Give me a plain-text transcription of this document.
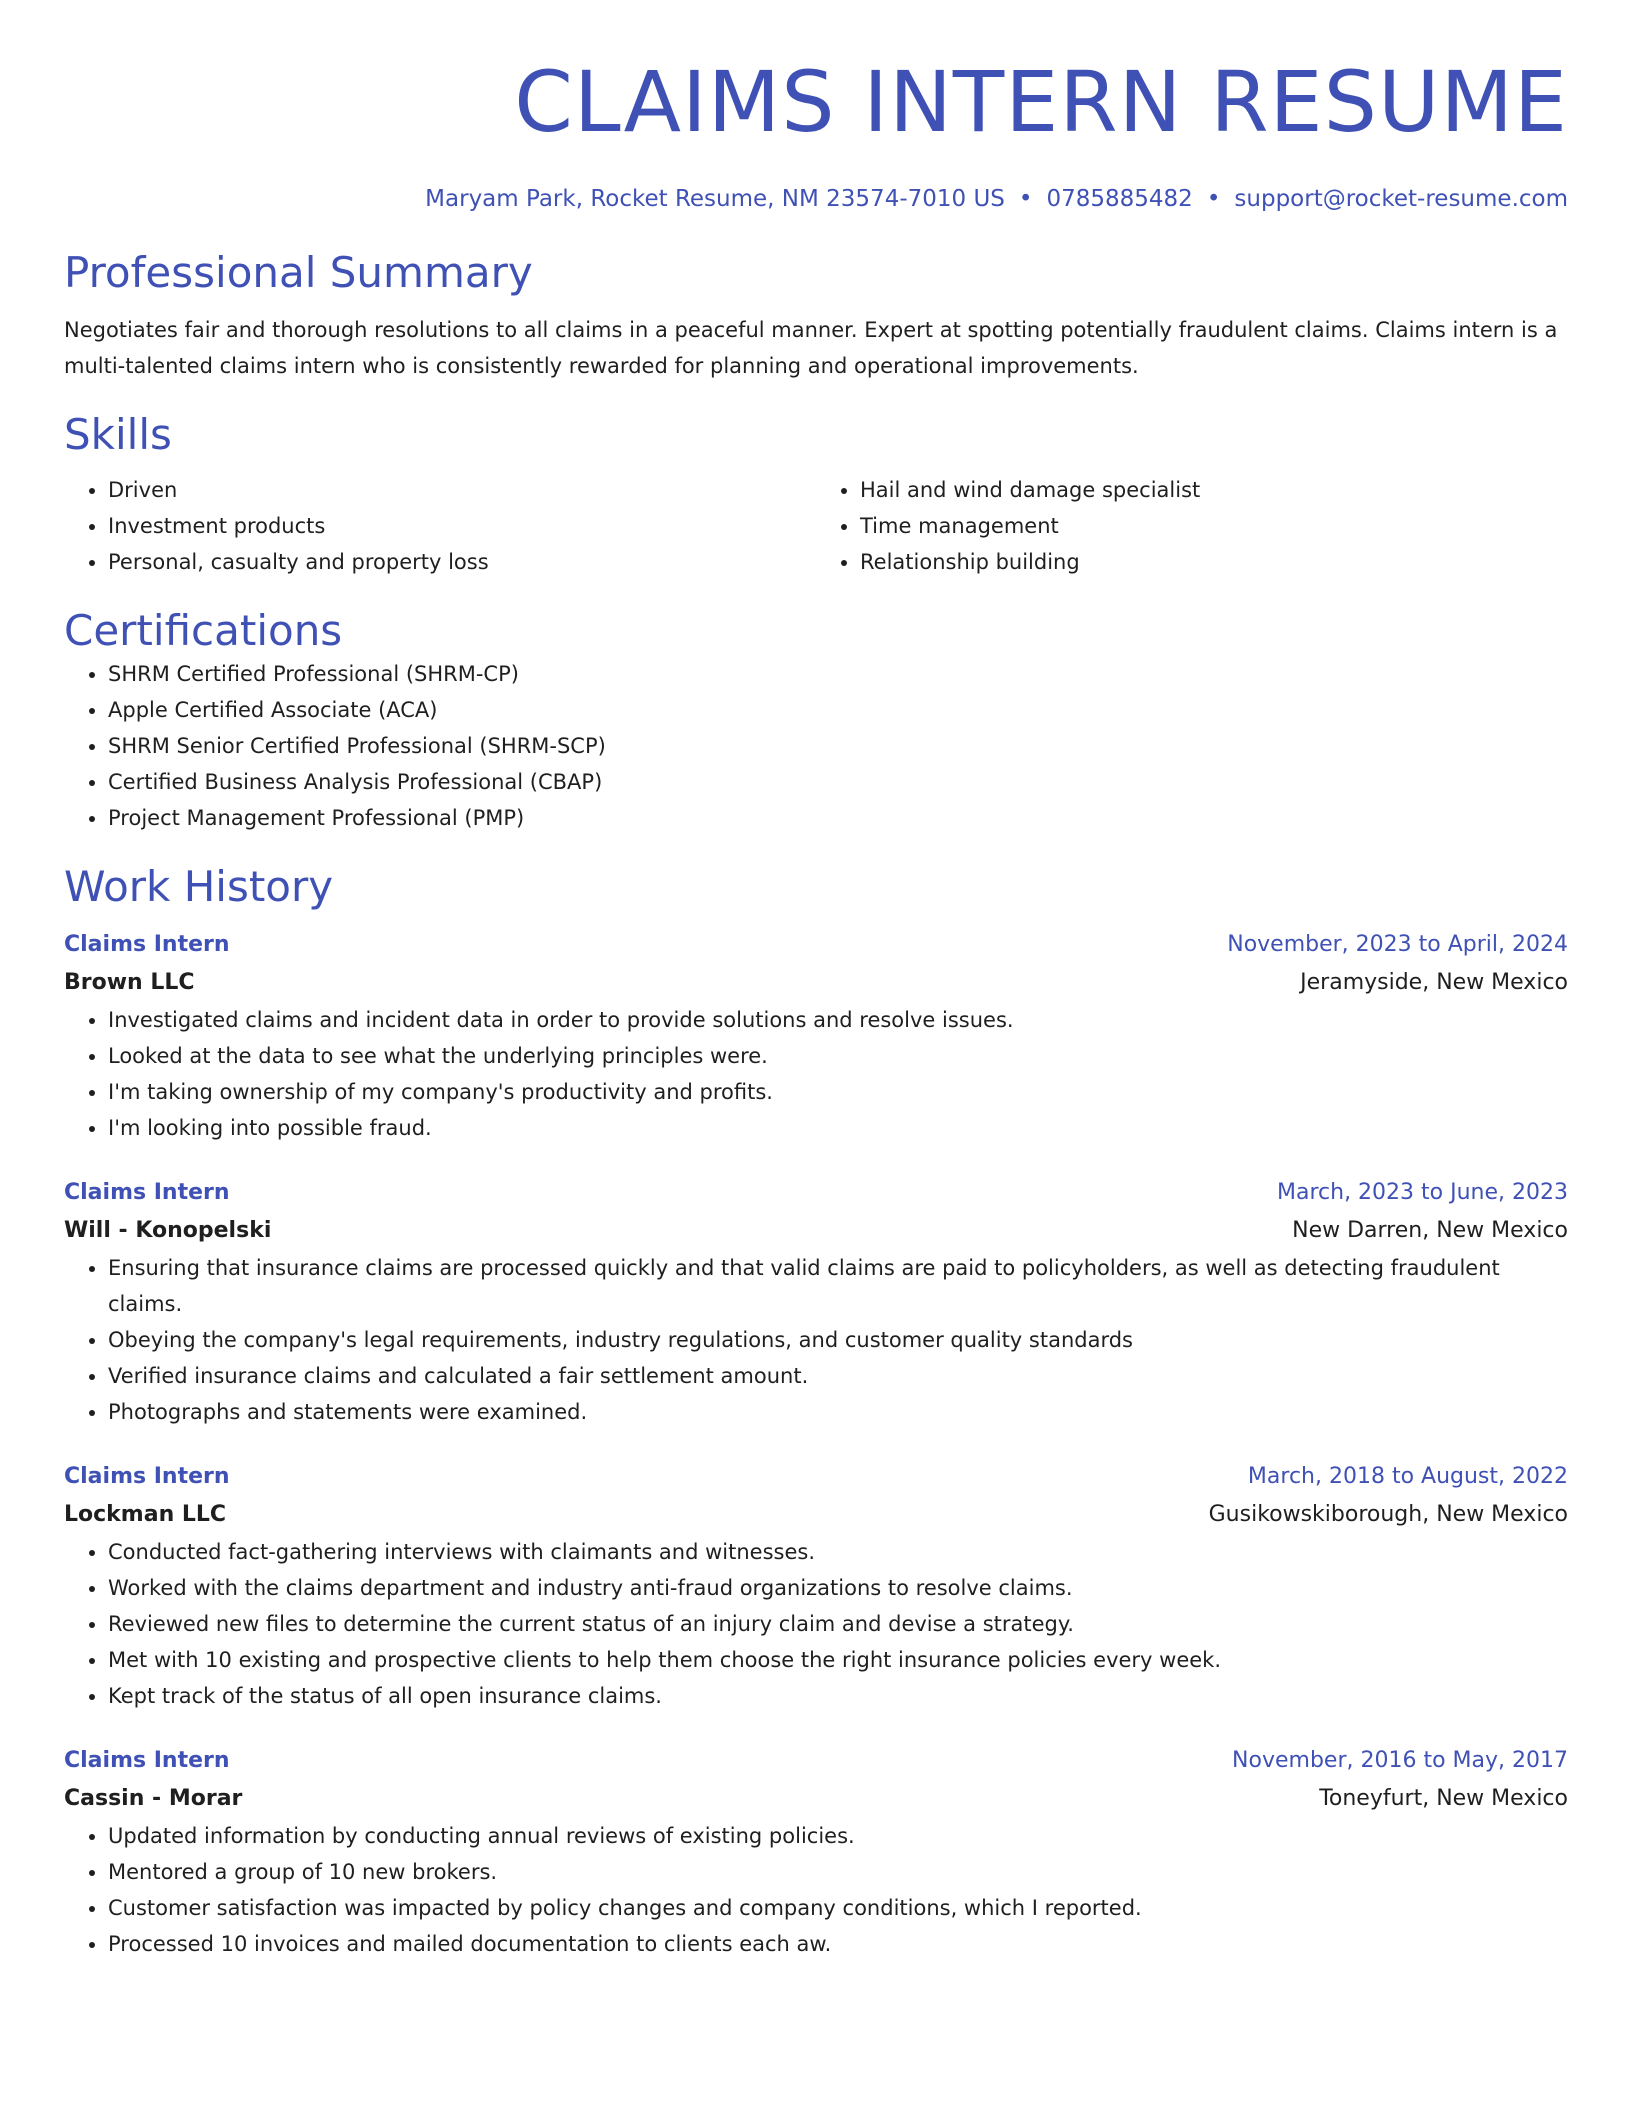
CLAIMS INTERN RESUME
Maryam Park, Rocket Resume, NM 23574-7010 US • 0785885482 • support@rocket-resume.com
Professional Summary
Negotiates fair and thorough resolutions to all claims in a peaceful manner. Expert at spotting potentially fraudulent claims. Claims intern is a multi-talented claims intern who is consistently rewarded for planning and operational improvements.
Skills
• Driven
• Investment products
• Personal, casualty and property loss
• Hail and wind damage specialist
• Time management
• Relationship building
Certifications
• SHRM Certified Professional (SHRM-CP)
• Apple Certified Associate (ACA)
• SHRM Senior Certified Professional (SHRM-SCP)
• Certified Business Analysis Professional (CBAP)
• Project Management Professional (PMP)
Work History
Claims Intern	November, 2023 to April, 2024
Brown LLC	Jeramyside, New Mexico
• Investigated claims and incident data in order to provide solutions and resolve issues.
• Looked at the data to see what the underlying principles were.
• I'm taking ownership of my company's productivity and profits.
• I'm looking into possible fraud.
Claims Intern	March, 2023 to June, 2023
Will - Konopelski	New Darren, New Mexico
• Ensuring that insurance claims are processed quickly and that valid claims are paid to policyholders, as well as detecting fraudulent claims.
• Obeying the company's legal requirements, industry regulations, and customer quality standards
• Verified insurance claims and calculated a fair settlement amount.
• Photographs and statements were examined.
Claims Intern	March, 2018 to August, 2022
Lockman LLC	Gusikowskiborough, New Mexico
• Conducted fact-gathering interviews with claimants and witnesses.
• Worked with the claims department and industry anti-fraud organizations to resolve claims.
• Reviewed new files to determine the current status of an injury claim and devise a strategy.
• Met with 10 existing and prospective clients to help them choose the right insurance policies every week.
• Kept track of the status of all open insurance claims.
Claims Intern	November, 2016 to May, 2017
Cassin - Morar	Toneyfurt, New Mexico
• Updated information by conducting annual reviews of existing policies.
• Mentored a group of 10 new brokers.
• Customer satisfaction was impacted by policy changes and company conditions, which I reported.
• Processed 10 invoices and mailed documentation to clients each aw.
